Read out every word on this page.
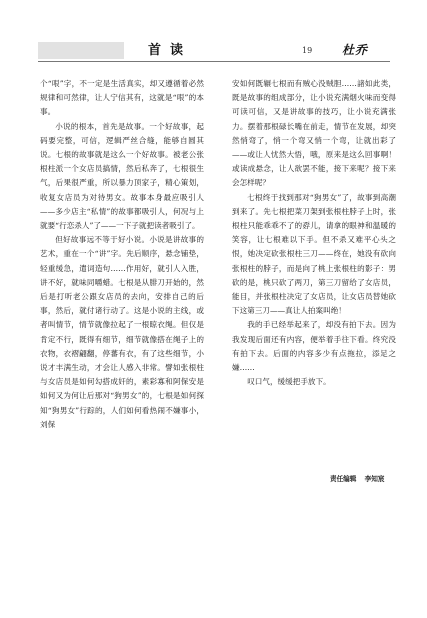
19
首读	杜乔

个“哏”字，不一定是生活真实，却又遵循着必然规律和可然律，让人宁信其有，这就是“哏”的本事。

小说的根本，首先是故事。一个好故事，起码要完整，可信，逻辑严丝合缝，能够自圆其说。七根的故事就是这么一个好故事。被老公张根柱派一个女店员搞情，然后私奔了，七根很生气，后果很严重，所以暴力顶家子，精心策划，收复女店员为对待男女。故事本身最应吸引人——多少店主“私情”的故事都吸引人，何况与上就要“行恋杀人”了——一下子就把读者吸引了。

但好故事远不等于好小说。小说是讲故事的艺术，重在一个“讲”字。先后顺序，悬念铺垫，轻重缓急，遣词造句……作用好，就引人入胜，讲不好，就味同嚼蜡。七根是从腓刀开始的，然后是打听老公跟女店员的去向，安排自己的后事，然后，就付诸行动了。这是小说的主线，或者叫情节，情节就像拉起了一根晾衣绳。但仅是肯定不行，既得有细节，细节就像搭在绳子上的衣物，衣褶翩翻，停蕃有衣，有了这些细节，小说才丰满生动，才会让人感入非常。譬如张根柱与女店员是如何勾搭成奸的，素彩寡和阿保安是如何又为何让后那对“狗男女”的，七根是如何探知“狗男女”行踪的，人们如何看热闹不嫌事小，刘保

安如何既辗七根而有贼心没贼胆……諸如此类，既是故事的组成部分，让小说充满烟火味而变得可读可信，又是讲故事的技巧，让小说充满张力。摆着那根碌长嘴在前走，情节在发展，却突然悄弯了，悄一个弯又悄一个弯，让就出彩了——或让人忧然大悟，哦，原来是这么回事啊！或读成悬念，让人欲罢不能，接下来呢？接下来会怎样呢？

七根终于找到那对“狗男女”了，故事到高潮到来了。先七根把菜刀架到张根柱脖子上时，张根柱只能乖乖不了的孬儿，请拿的眼神和温暖的笑容，让七根难以下手。但不杀又难平心头之恨，她决定砍张根柱三刀——终在，她没有砍向张根柱的脖子，而是向了桃上张根柱的影子：男砍的是，桃只砍了两刀，第三刀留给了女店员，能目，并张根柱决定了女店员，让女店员替她砍下这第三刀——真让人拍案叫绝！

我的手已经举起来了，却没有拍下去。因为我发现后面还有内容，便举着手往下看。终究没有拍下去。后面的内容多少有点拖拉，添足之嫌……

叹口气，缓缓把手放下。

责任编辑 李知宸
